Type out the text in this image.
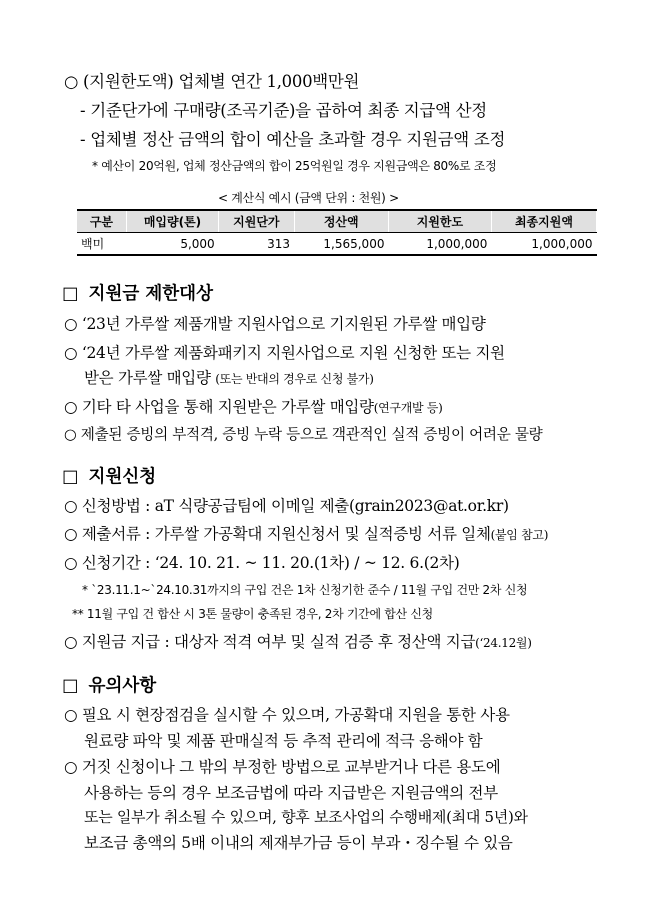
○ (지원한도액) 업체별 연간 1,000백만원
- 기준단가에 구매량(조곡기준)을 곱하여 최종 지급액 산정
- 업체별 정산 금액의 합이 예산을 초과할 경우 지원금액 조정
* 예산이 20억원, 업체 정산금액의 합이 25억원일 경우 지원금액은 80%로 조정
< 계산식 예시 (금액 단위 : 천원) >
구분	매입량(톤)	지원단가	정산액	지원한도	최종지원액
백미	5,000	313	1,565,000	1,000,000	1,000,000
□ 지원금 제한대상
○ ‘23년 가루쌀 제품개발 지원사업으로 기지원된 가루쌀 매입량
○ ‘24년 가루쌀 제품화패키지 지원사업으로 지원 신청한 또는 지원
받은 가루쌀 매입량 (또는 반대의 경우로 신청 불가)
○ 기타 타 사업을 통해 지원받은 가루쌀 매입량(연구개발 등)
○ 제출된 증빙의 부적격, 증빙 누락 등으로 객관적인 실적 증빙이 어려운 물량
□ 지원신청
○ 신청방법 : aT 식량공급팀에 이메일 제출(grain2023@at.or.kr)
○ 제출서류 : 가루쌀 가공확대 지원신청서 및 실적증빙 서류 일체(붙임 참고)
○ 신청기간 : ‘24. 10. 21. ~ 11. 20.(1차) / ~ 12. 6.(2차)
* `23.11.1~`24.10.31까지의 구입 건은 1차 신청기한 준수 / 11월 구입 건만 2차 신청
** 11월 구입 건 합산 시 3톤 물량이 충족된 경우, 2차 기간에 합산 신청
○ 지원금 지급 : 대상자 적격 여부 및 실적 검증 후 정산액 지급(‘24.12월)
□ 유의사항
○ 필요 시 현장점검을 실시할 수 있으며, 가공확대 지원을 통한 사용
원료량 파악 및 제품 판매실적 등 추적 관리에 적극 응해야 함
○ 거짓 신청이나 그 밖의 부정한 방법으로 교부받거나 다른 용도에
사용하는 등의 경우 보조금법에 따라 지급받은 지원금액의 전부
또는 일부가 취소될 수 있으며, 향후 보조사업의 수행배제(최대 5년)와
보조금 총액의 5배 이내의 제재부가금 등이 부과・징수될 수 있음
